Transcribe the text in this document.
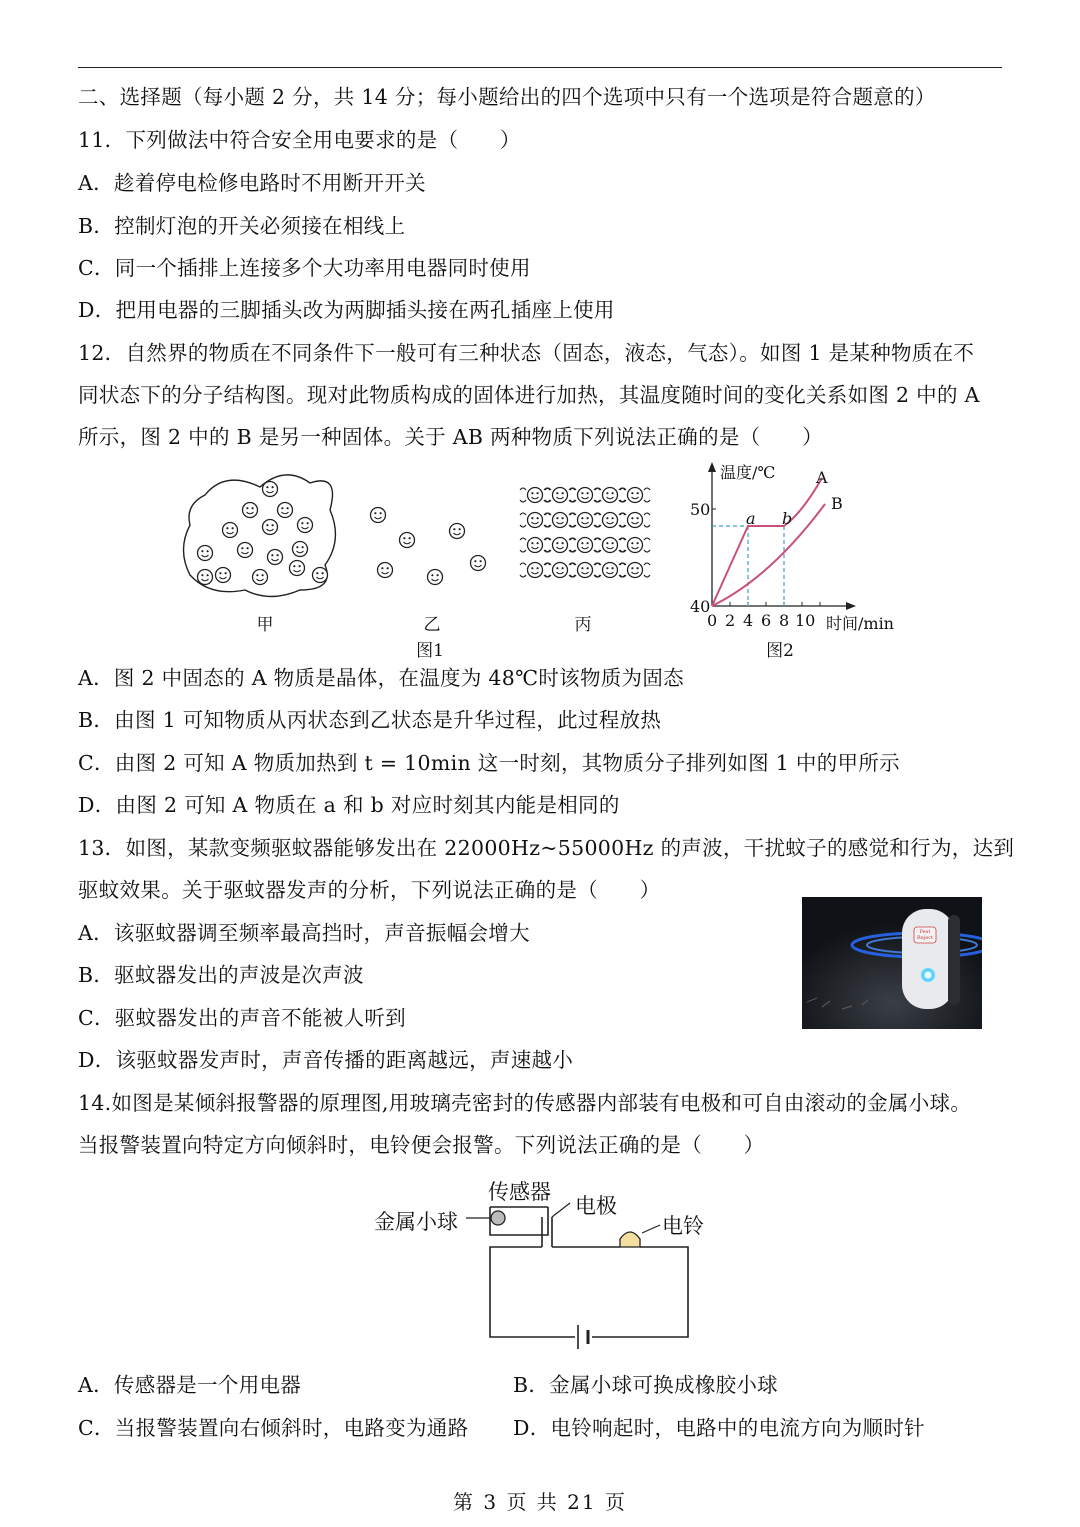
二、选择题（每小题 2 分，共 14 分；每小题给出的四个选项中只有一个选项是符合题意的）
11．下列做法中符合安全用电要求的是（　　）
A．趁着停电检修电路时不用断开开关
B．控制灯泡的开关必须接在相线上
C．同一个插排上连接多个大功率用电器同时使用
D．把用电器的三脚插头改为两脚插头接在两孔插座上使用
12．自然界的物质在不同条件下一般可有三种状态（固态，液态，气态）。如图 1 是某种物质在不
同状态下的分子结构图。现对此物质构成的固体进行加热，其温度随时间的变化关系如图 2 中的 A
所示，图 2 中的 B 是另一种固体。关于 AB 两种物质下列说法正确的是（　　）
甲	乙	丙
图1
温度/℃	A
B
50
40
a b
0 2 4 6 8 10 时间/min
图2
A．图 2 中固态的 A 物质是晶体，在温度为 48℃时该物质为固态
B．由图 1 可知物质从丙状态到乙状态是升华过程，此过程放热
C．由图 2 可知 A 物质加热到 t = 10min 这一时刻，其物质分子排列如图 1 中的甲所示
D．由图 2 可知 A 物质在 a 和 b 对应时刻其内能是相同的
13．如图，某款变频驱蚊器能够发出在 22000Hz~55000Hz 的声波，干扰蚊子的感觉和行为，达到
驱蚊效果。关于驱蚊器发声的分析，下列说法正确的是（　　）
A．该驱蚊器调至频率最高挡时，声音振幅会增大
B．驱蚊器发出的声波是次声波
C．驱蚊器发出的声音不能被人听到
D．该驱蚊器发声时，声音传播的距离越远，声速越小
Pest Reject
14.如图是某倾斜报警器的原理图,用玻璃壳密封的传感器内部装有电极和可自由滚动的金属小球。
当报警装置向特定方向倾斜时，电铃便会报警。下列说法正确的是（　　）
传感器
金属小球
电极
电铃
A．传感器是一个用电器	B．金属小球可换成橡胶小球
C．当报警装置向右倾斜时，电路变为通路 D．电铃响起时，电路中的电流方向为顺时针
第 3 页 共 21 页
